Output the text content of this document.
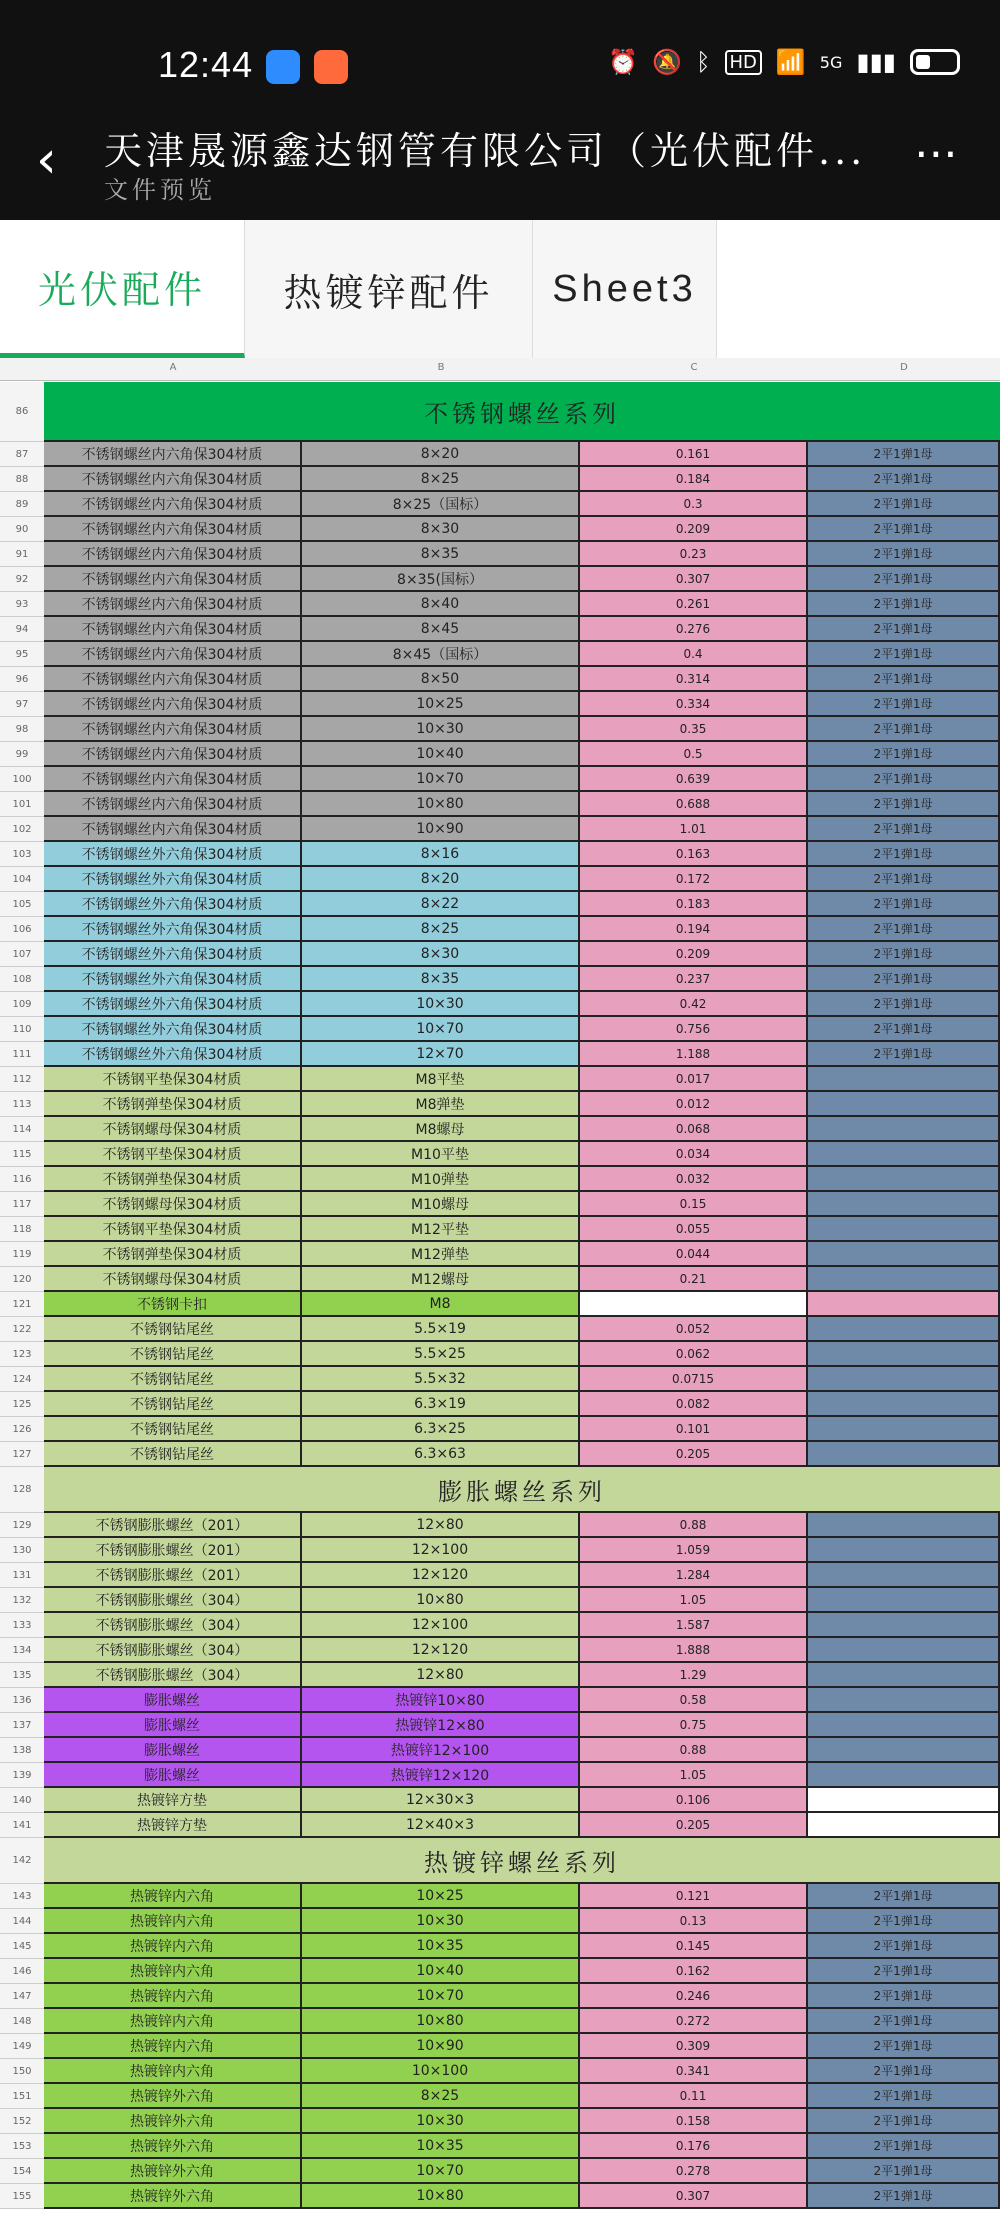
12:44	⏰ 🔕 ᛒ HD 📶 5G ▮▮▮
‹ 天津晟源鑫达钢管有限公司（光伏配件...
文件预览
⋯
光伏配件	热镀锌配件	Sheet3
A	B	C	D
86	不锈钢螺丝系列
87	不锈钢螺丝内六角保304材质	8×20	0.161	2平1弹1母
88	不锈钢螺丝内六角保304材质	8×25	0.184	2平1弹1母
89	不锈钢螺丝内六角保304材质	8×25（国标）	0.3	2平1弹1母
90	不锈钢螺丝内六角保304材质	8×30	0.209	2平1弹1母
91	不锈钢螺丝内六角保304材质	8×35	0.23	2平1弹1母
92	不锈钢螺丝内六角保304材质	8×35(国标）	0.307	2平1弹1母
93	不锈钢螺丝内六角保304材质	8×40	0.261	2平1弹1母
94	不锈钢螺丝内六角保304材质	8×45	0.276	2平1弹1母
95	不锈钢螺丝内六角保304材质	8×45（国标）	0.4	2平1弹1母
96	不锈钢螺丝内六角保304材质	8×50	0.314	2平1弹1母
97	不锈钢螺丝内六角保304材质	10×25	0.334	2平1弹1母
98	不锈钢螺丝内六角保304材质	10×30	0.35	2平1弹1母
99	不锈钢螺丝内六角保304材质	10×40	0.5	2平1弹1母
100	不锈钢螺丝内六角保304材质	10×70	0.639	2平1弹1母
101	不锈钢螺丝内六角保304材质	10×80	0.688	2平1弹1母
102	不锈钢螺丝内六角保304材质	10×90	1.01	2平1弹1母
103	不锈钢螺丝外六角保304材质	8×16	0.163	2平1弹1母
104	不锈钢螺丝外六角保304材质	8×20	0.172	2平1弹1母
105	不锈钢螺丝外六角保304材质	8×22	0.183	2平1弹1母
106	不锈钢螺丝外六角保304材质	8×25	0.194	2平1弹1母
107	不锈钢螺丝外六角保304材质	8×30	0.209	2平1弹1母
108	不锈钢螺丝外六角保304材质	8×35	0.237	2平1弹1母
109	不锈钢螺丝外六角保304材质	10×30	0.42	2平1弹1母
110	不锈钢螺丝外六角保304材质	10×70	0.756	2平1弹1母
111	不锈钢螺丝外六角保304材质	12×70	1.188	2平1弹1母
112	不锈钢平垫保304材质	M8平垫	0.017
113	不锈钢弹垫保304材质	M8弹垫	0.012
114	不锈钢螺母保304材质	M8螺母	0.068
115	不锈钢平垫保304材质	M10平垫	0.034
116	不锈钢弹垫保304材质	M10弹垫	0.032
117	不锈钢螺母保304材质	M10螺母	0.15
118	不锈钢平垫保304材质	M12平垫	0.055
119	不锈钢弹垫保304材质	M12弹垫	0.044
120	不锈钢螺母保304材质	M12螺母	0.21
121	不锈钢卡扣	M8
122	不锈钢钻尾丝	5.5×19	0.052
123	不锈钢钻尾丝	5.5×25	0.062
124	不锈钢钻尾丝	5.5×32	0.0715
125	不锈钢钻尾丝	6.3×19	0.082
126	不锈钢钻尾丝	6.3×25	0.101
127	不锈钢钻尾丝	6.3×63	0.205
128	膨胀螺丝系列
129	不锈钢膨胀螺丝（201）	12×80	0.88
130	不锈钢膨胀螺丝（201）	12×100	1.059
131	不锈钢膨胀螺丝（201）	12×120	1.284
132	不锈钢膨胀螺丝（304）	10×80	1.05
133	不锈钢膨胀螺丝（304）	12×100	1.587
134	不锈钢膨胀螺丝（304）	12×120	1.888
135	不锈钢膨胀螺丝（304）	12×80	1.29
136	膨胀螺丝	热镀锌10×80	0.58
137	膨胀螺丝	热镀锌12×80	0.75
138	膨胀螺丝	热镀锌12×100	0.88
139	膨胀螺丝	热镀锌12×120	1.05
140	热镀锌方垫	12×30×3	0.106
141	热镀锌方垫	12×40×3	0.205
142	热镀锌螺丝系列
143	热镀锌内六角	10×25	0.121	2平1弹1母
144	热镀锌内六角	10×30	0.13	2平1弹1母
145	热镀锌内六角	10×35	0.145	2平1弹1母
146	热镀锌内六角	10×40	0.162	2平1弹1母
147	热镀锌内六角	10×70	0.246	2平1弹1母
148	热镀锌内六角	10×80	0.272	2平1弹1母
149	热镀锌内六角	10×90	0.309	2平1弹1母
150	热镀锌内六角	10×100	0.341	2平1弹1母
151	热镀锌外六角	8×25	0.11	2平1弹1母
152	热镀锌外六角	10×30	0.158	2平1弹1母
153	热镀锌外六角	10×35	0.176	2平1弹1母
154	热镀锌外六角	10×70	0.278	2平1弹1母
155	热镀锌外六角	10×80	0.307	2平1弹1母
